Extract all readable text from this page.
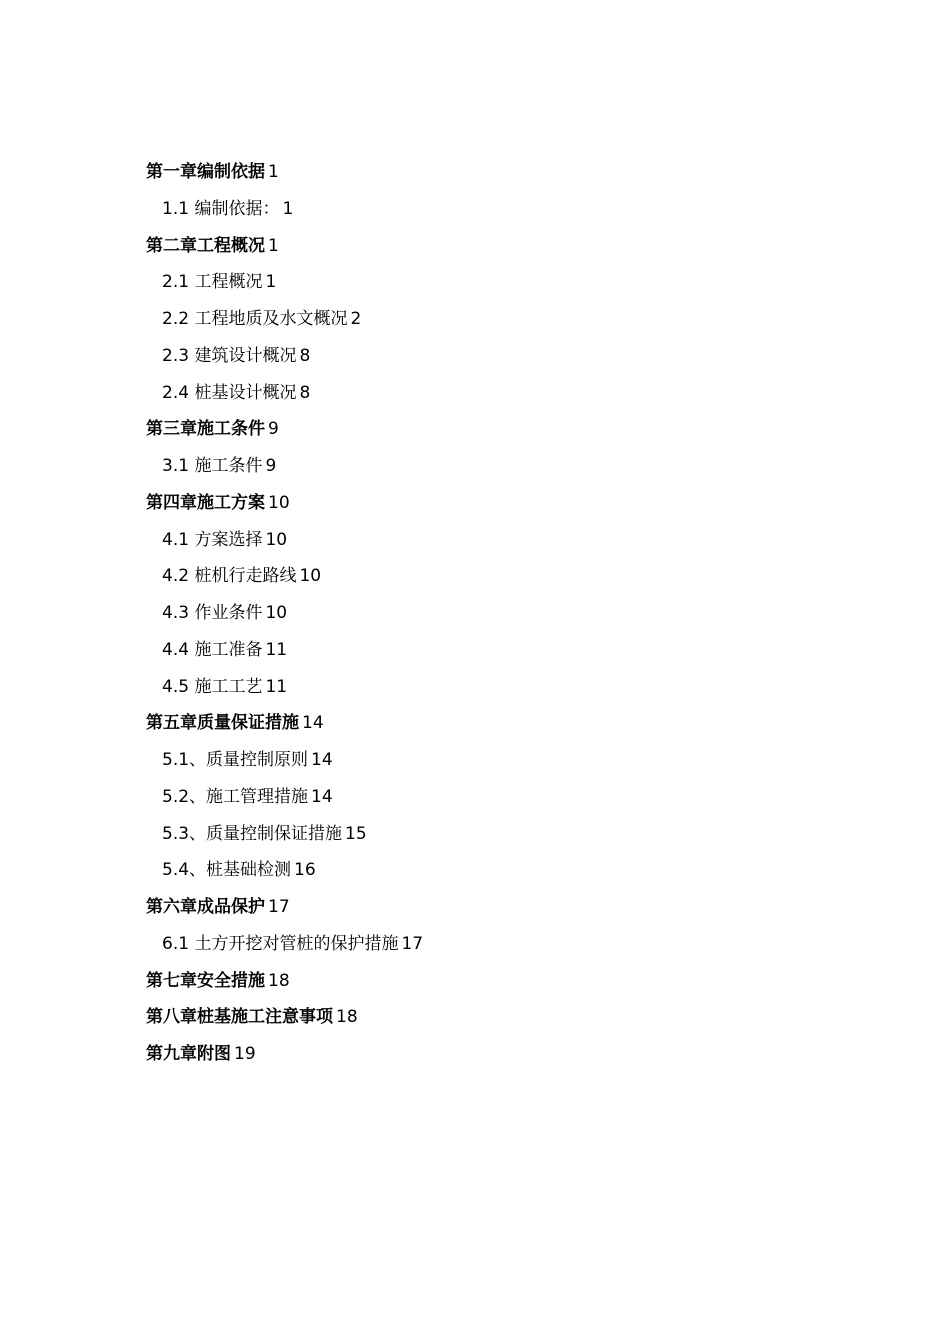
第一章编制依据 1
1.1 编制依据： 1
第二章工程概况 1
2.1 工程概况 1
2.2 工程地质及水文概况 2
2.3 建筑设计概况 8
2.4 桩基设计概况 8
第三章施工条件 9
3.1 施工条件 9
第四章施工方案 10
4.1 方案选择 10
4.2 桩机行走路线 10
4.3 作业条件 10
4.4 施工准备 11
4.5 施工工艺 11
第五章质量保证措施 14
5.1、质量控制原则 14
5.2、施工管理措施 14
5.3、质量控制保证措施 15
5.4、桩基础检测 16
第六章成品保护 17
6.1 土方开挖对管桩的保护措施 17
第七章安全措施 18
第八章桩基施工注意事项 18
第九章附图 19
